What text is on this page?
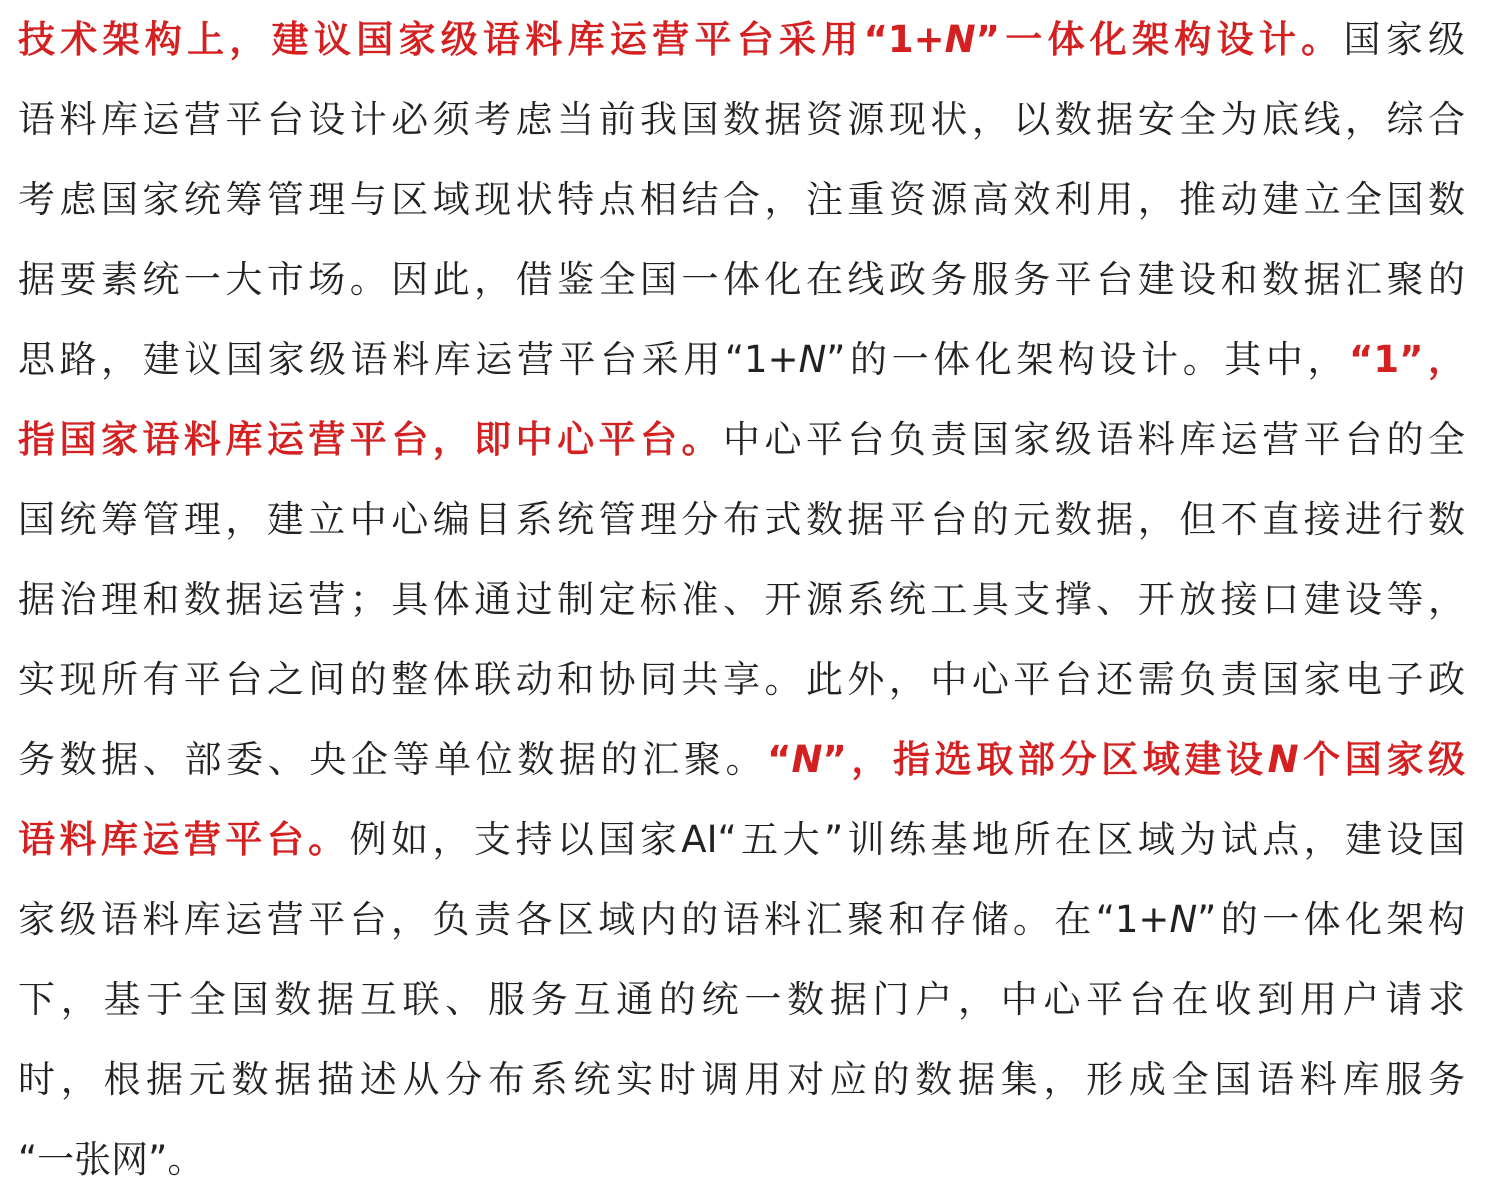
技术架构上，建议国家级语料库运营平台采用“1+N”一体化架构设计。国家级
语料库运营平台设计必须考虑当前我国数据资源现状，以数据安全为底线，综合
考虑国家统筹管理与区域现状特点相结合，注重资源高效利用，推动建立全国数
据要素统一大市场。因此，借鉴全国一体化在线政务服务平台建设和数据汇聚的
思路，建议国家级语料库运营平台采用“1+N”的一体化架构设计。其中，“1”，
指国家语料库运营平台，即中心平台。中心平台负责国家级语料库运营平台的全
国统筹管理，建立中心编目系统管理分布式数据平台的元数据，但不直接进行数
据治理和数据运营；具体通过制定标准、开源系统工具支撑、开放接口建设等，
实现所有平台之间的整体联动和协同共享。此外，中心平台还需负责国家电子政
务数据、部委、央企等单位数据的汇聚。“N”，指选取部分区域建设N个国家级
语料库运营平台。例如，支持以国家AI“五大”训练基地所在区域为试点，建设国
家级语料库运营平台，负责各区域内的语料汇聚和存储。在“1+N”的一体化架构
下，基于全国数据互联、服务互通的统一数据门户，中心平台在收到用户请求
时，根据元数据描述从分布系统实时调用对应的数据集，形成全国语料库服务
“一张网”。
